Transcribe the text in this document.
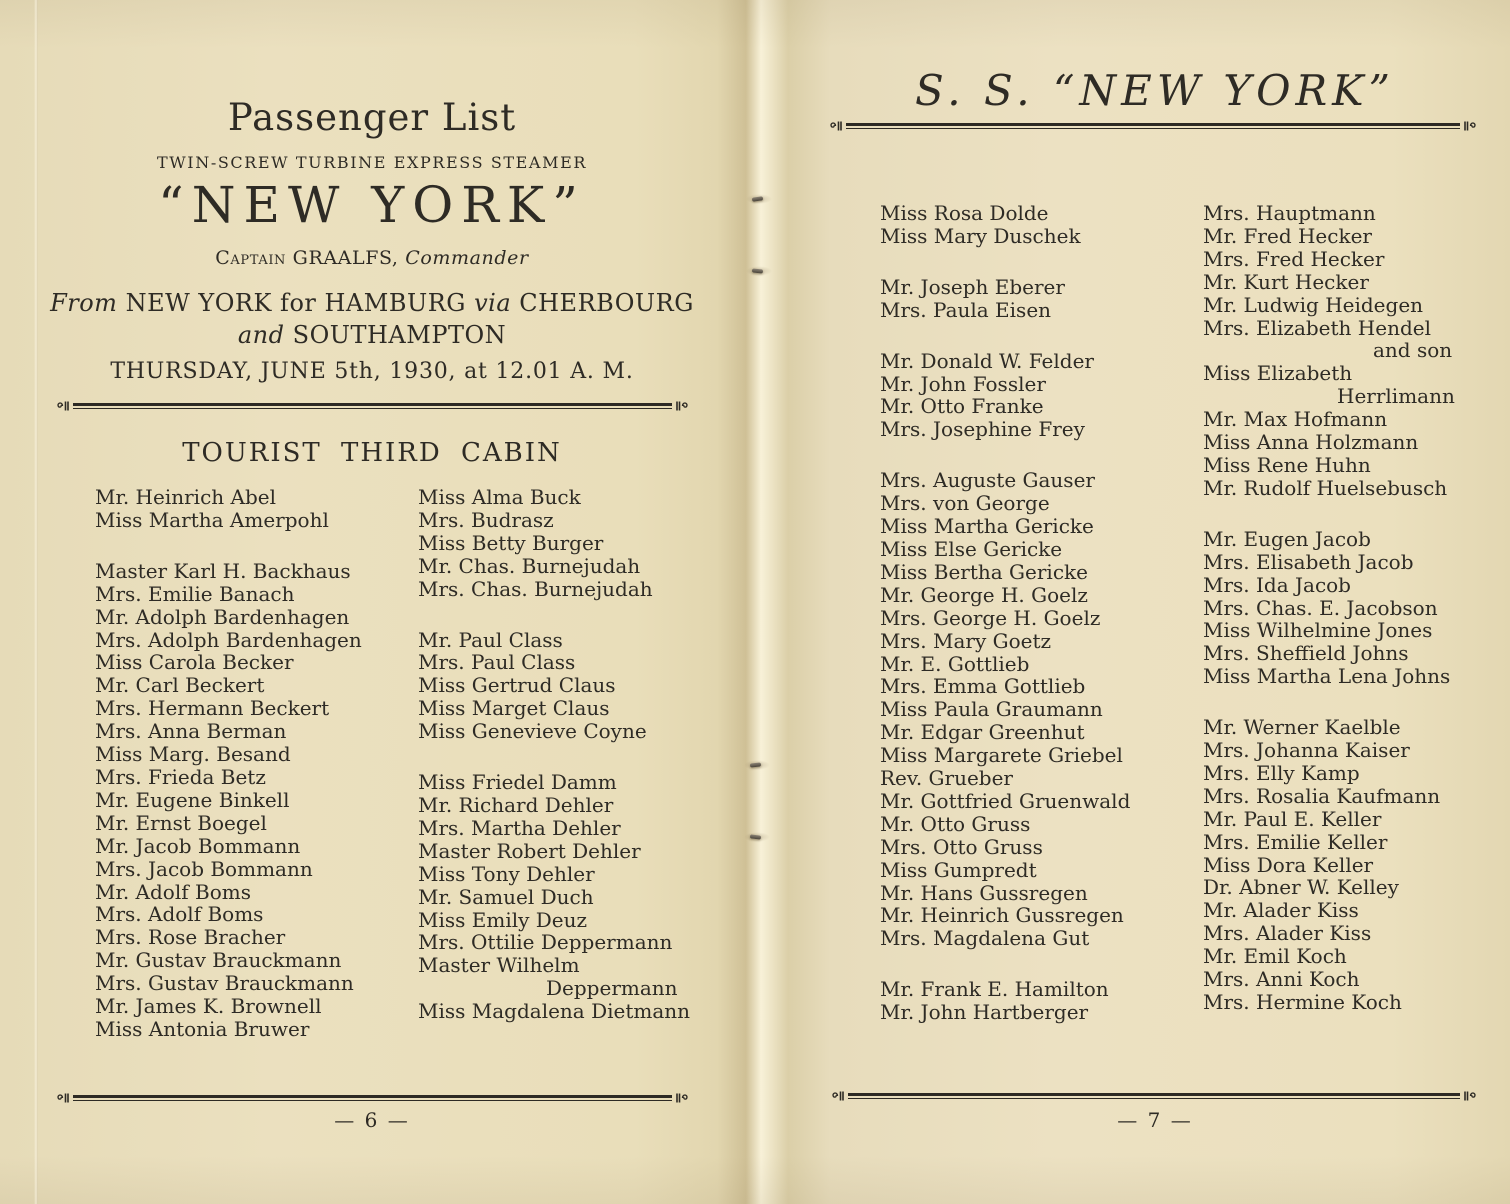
Passenger List
TWIN-SCREW TURBINE EXPRESS STEAMER
“NEW YORK”
Captain GRAALFS, Commander
From NEW YORK for HAMBURG via CHERBOURG
and SOUTHAMPTON
THURSDAY, JUNE 5th, 1930, at 12.01 A. M.
TOURIST THIRD CABIN
— 6 —
Mr. Heinrich Abel
Miss Martha Amerpohl
Master Karl H. Backhaus
Mrs. Emilie Banach
Mr. Adolph Bardenhagen
Mrs. Adolph Bardenhagen
Miss Carola Becker
Mr. Carl Beckert
Mrs. Hermann Beckert
Mrs. Anna Berman
Miss Marg. Besand
Mrs. Frieda Betz
Mr. Eugene Binkell
Mr. Ernst Boegel
Mr. Jacob Bommann
Mrs. Jacob Bommann
Mr. Adolf Boms
Mrs. Adolf Boms
Mrs. Rose Bracher
Mr. Gustav Brauckmann
Mrs. Gustav Brauckmann
Mr. James K. Brownell
Miss Antonia Bruwer
Miss Alma Buck
Mrs. Budrasz
Miss Betty Burger
Mr. Chas. Burnejudah
Mrs. Chas. Burnejudah
Mr. Paul Class
Mrs. Paul Class
Miss Gertrud Claus
Miss Marget Claus
Miss Genevieve Coyne
Miss Friedel Damm
Mr. Richard Dehler
Mrs. Martha Dehler
Master Robert Dehler
Miss Tony Dehler
Mr. Samuel Duch
Miss Emily Deuz
Mrs. Ottilie Deppermann
Master Wilhelm
Deppermann
Miss Magdalena Dietmann
S. S. “NEW YORK”
— 7 —
Miss Rosa Dolde
Miss Mary Duschek
Mr. Joseph Eberer
Mrs. Paula Eisen
Mr. Donald W. Felder
Mr. John Fossler
Mr. Otto Franke
Mrs. Josephine Frey
Mrs. Auguste Gauser
Mrs. von George
Miss Martha Gericke
Miss Else Gericke
Miss Bertha Gericke
Mr. George H. Goelz
Mrs. George H. Goelz
Mrs. Mary Goetz
Mr. E. Gottlieb
Mrs. Emma Gottlieb
Miss Paula Graumann
Mr. Edgar Greenhut
Miss Margarete Griebel
Rev. Grueber
Mr. Gottfried Gruenwald
Mr. Otto Gruss
Mrs. Otto Gruss
Miss Gumpredt
Mr. Hans Gussregen
Mr. Heinrich Gussregen
Mrs. Magdalena Gut
Mr. Frank E. Hamilton
Mr. John Hartberger
Mrs. Hauptmann
Mr. Fred Hecker
Mrs. Fred Hecker
Mr. Kurt Hecker
Mr. Ludwig Heidegen
Mrs. Elizabeth Hendel
and son
Miss Elizabeth
Herrlimann
Mr. Max Hofmann
Miss Anna Holzmann
Miss Rene Huhn
Mr. Rudolf Huelsebusch
Mr. Eugen Jacob
Mrs. Elisabeth Jacob
Mrs. Ida Jacob
Mrs. Chas. E. Jacobson
Miss Wilhelmine Jones
Mrs. Sheffield Johns
Miss Martha Lena Johns
Mr. Werner Kaelble
Mrs. Johanna Kaiser
Mrs. Elly Kamp
Mrs. Rosalia Kaufmann
Mr. Paul E. Keller
Mrs. Emilie Keller
Miss Dora Keller
Dr. Abner W. Kelley
Mr. Alader Kiss
Mrs. Alader Kiss
Mr. Emil Koch
Mrs. Anni Koch
Mrs. Hermine Koch
